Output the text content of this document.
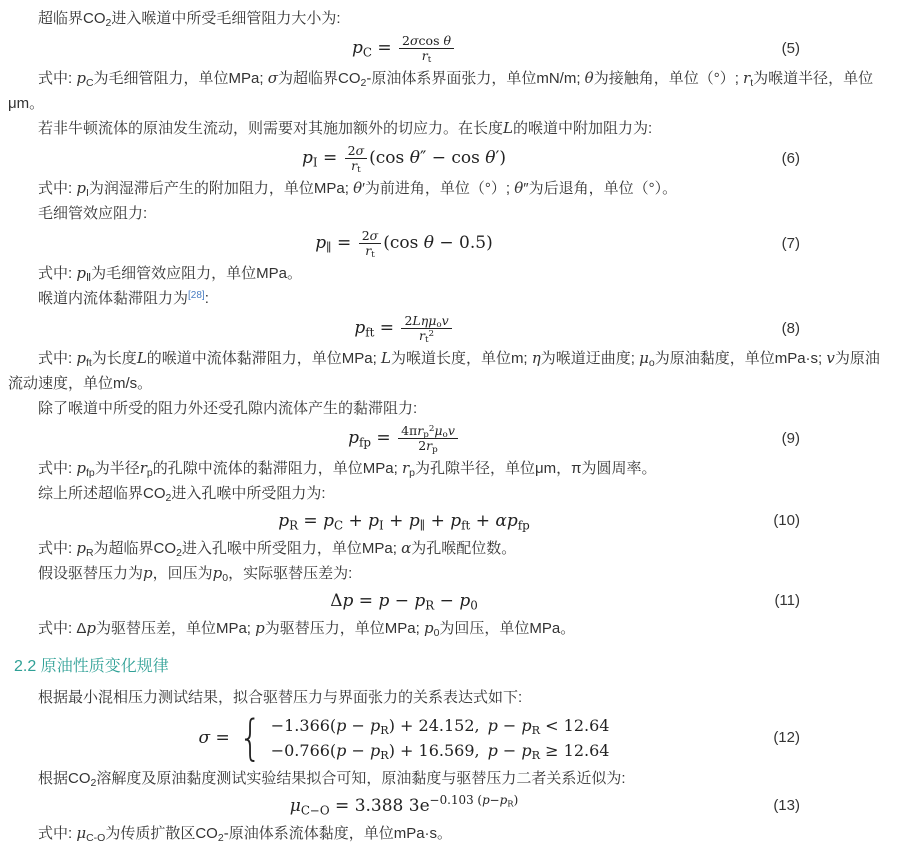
超临界CO2进入喉道中所受毛细管阻力大小为:
pC = $\frac{\text{2σcos θ}}{rt}$	(5)
式中: pC为毛细管阻力，单位MPa; σ为超临界CO2-原油体系界面张力，单位mN/m; θ为接触角，单位（°）; rt为喉道半径，单位μm。
若非牛顿流体的原油发生流动，则需要对其施加额外的切应力。在长度L的喉道中附加阻力为:
pI = $\frac{2\sigma}{rt} (\cos$ θ″ − cos θ′)	(6)
式中: pI为润湿滞后产生的附加阻力，单位MPa; θ′为前进角，单位（°）; θ″为后退角，单位（°）。
毛细管效应阻力:
p∥ = $\frac{2\sigma}{rt} (\cos$ θ − 0.5)	(7)
式中: pⅡ为毛细管效应阻力，单位MPa。
喉道内流体黏滞阻力为[28]:
pft = $\frac{\text{2Lημov}}{rt^2}$	(8)
式中: pft为长度L的喉道中流体黏滞阻力，单位MPa; L为喉道长度，单位m; η为喉道迂曲度; μo为原油黏度，单位mPa·s; v为原油流动速度，单位m/s。
除了喉道中所受的阻力外还受孔隙内流体产生的黏滞阻力:
pfp = $\frac{4\pi rp^2\mu ov}{2rp}$	(9)
式中: pfp为半径rp的孔隙中流体的黏滞阻力，单位MPa; rp为孔隙半径，单位μm，π为圆周率。
综上所述超临界CO2进入孔喉中所受阻力为:
pR = pC + pI + p∥ + pft + αpfp	(10)
式中: pR为超临界CO2进入孔喉中所受阻力，单位MPa; α为孔喉配位数。
假设驱替压力为p，回压为p0，实际驱替压差为:
Δp = p − pR − p0	(11)
式中: Δp为驱替压差，单位MPa; p为驱替压力，单位MPa; p0为回压，单位MPa。
2.2 原油性质变化规律
根据最小混相压力测试结果，拟合驱替压力与界面张力的关系表达式如下:
σ = { −1.366(p − pR) + 24.152, p − pR < 12.64
−0.766(p − pR) + 16.569, p − pR ≥ 12.64
(12)
根据CO2溶解度及原油黏度测试实验结果拟合可知，原油黏度与驱替压力二者关系近似为:
μC−O = 3.388 $3e^{-0.103 (p-pR)}$	(13)
式中: μC-O为传质扩散区CO2-原油体系流体黏度，单位mPa·s。
